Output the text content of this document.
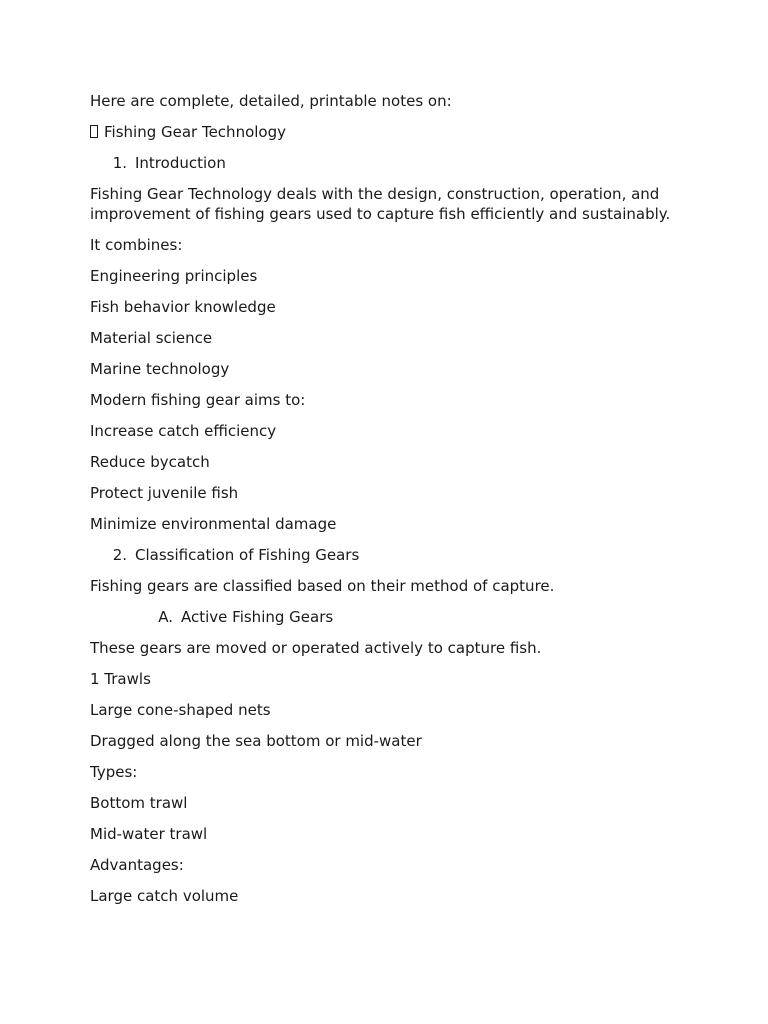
Here are complete, detailed, printable notes on:

Fishing Gear Technology

1. Introduction

Fishing Gear Technology deals with the design, construction, operation, and improvement of fishing gears used to capture fish efficiently and sustainably.

It combines:

Engineering principles

Fish behavior knowledge

Material science

Marine technology

Modern fishing gear aims to:

Increase catch efficiency

Reduce bycatch

Protect juvenile fish

Minimize environmental damage

2. Classification of Fishing Gears

Fishing gears are classified based on their method of capture.

A. Active Fishing Gears

These gears are moved or operated actively to capture fish.

1 Trawls

Large cone-shaped nets

Dragged along the sea bottom or mid-water

Types:

Bottom trawl

Mid-water trawl

Advantages:

Large catch volume
